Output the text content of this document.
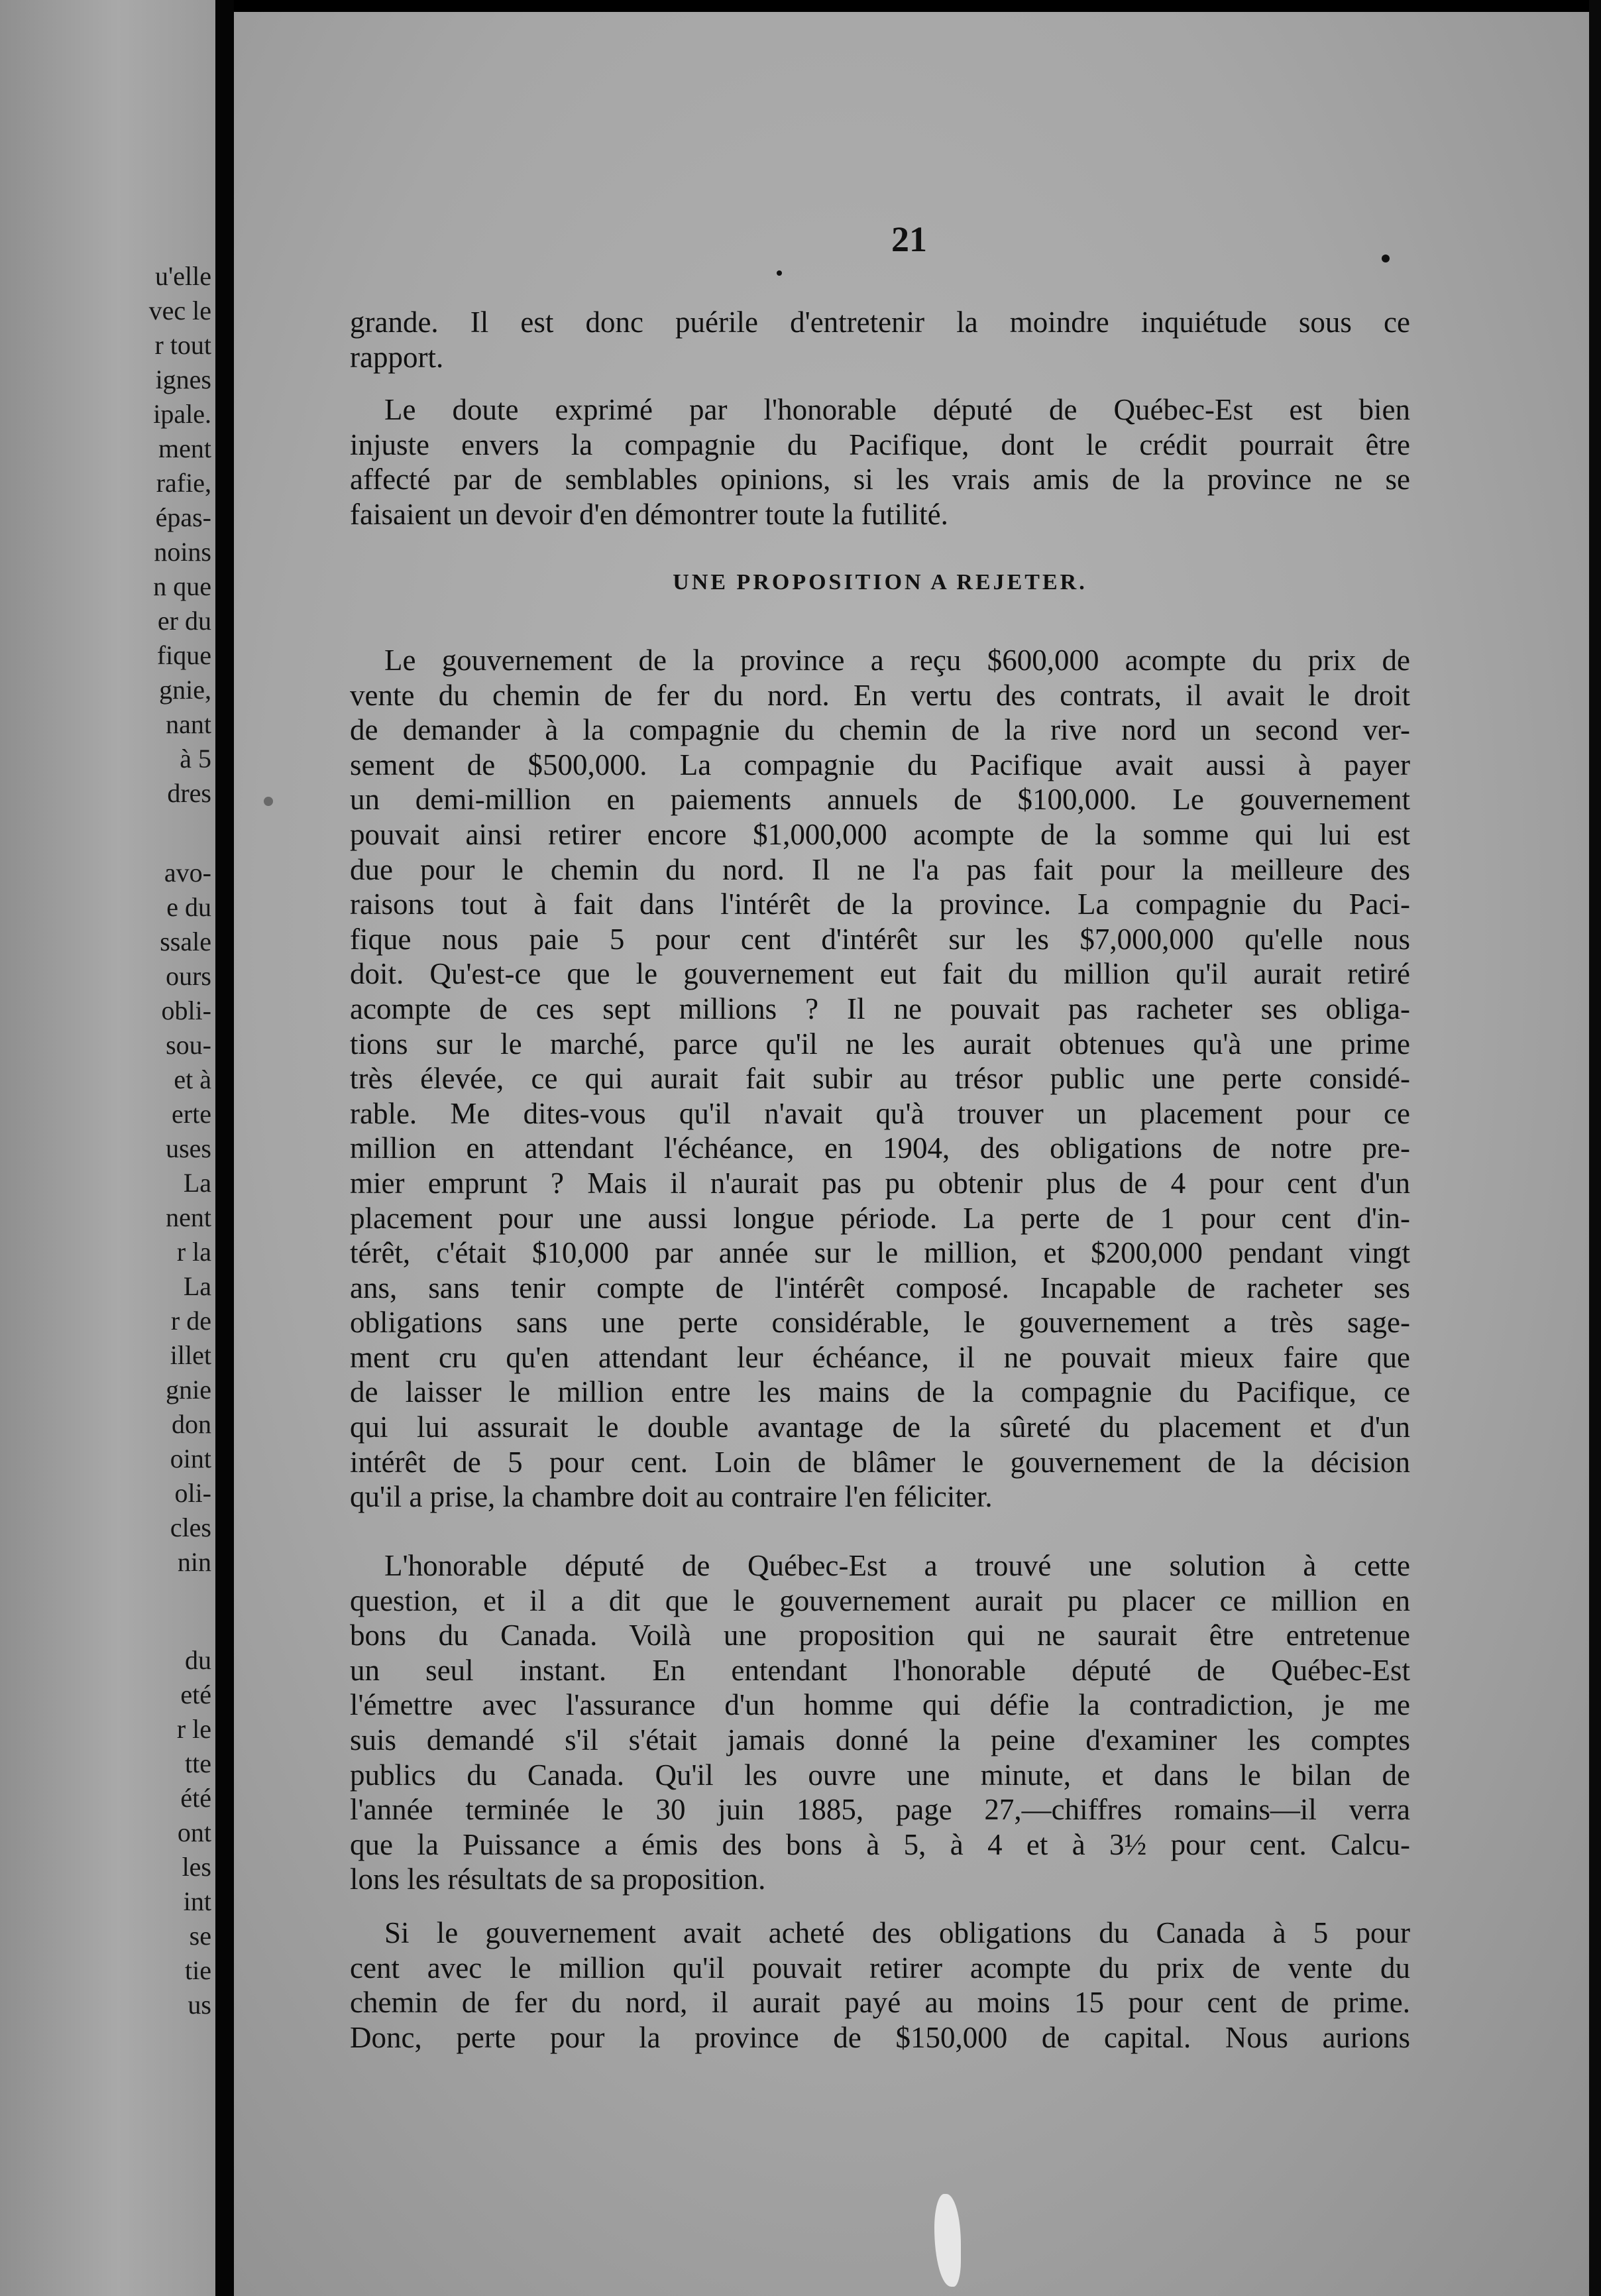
u'elle
vec le
r tout
ignes
ipale.
ment
rafie,
épas-
noins
n que
er du
fique
gnie,
nant
à 5
dres
avo-
e du
ssale
ours
obli-
sou-
et à
erte
uses
La
nent
r la
La
r de
illet
gnie
don
oint
oli-
cles
nin
du
eté
r le
tte
été
ont
les
int
se
tie
us
21
grande. Il est donc puérile d'entretenir la moindre inquiétude sous ce
rapport.
Le doute exprimé par l'honorable député de Québec-Est est bien
injuste envers la compagnie du Pacifique, dont le crédit pourrait être
affecté par de semblables opinions, si les vrais amis de la province ne se
faisaient un devoir d'en démontrer toute la futilité.
UNE PROPOSITION A REJETER.
Le gouvernement de la province a reçu $600,000 acompte du prix de
vente du chemin de fer du nord. En vertu des contrats, il avait le droit
de demander à la compagnie du chemin de la rive nord un second ver-
sement de $500,000. La compagnie du Pacifique avait aussi à payer
un demi-million en paiements annuels de $100,000. Le gouvernement
pouvait ainsi retirer encore $1,000,000 acompte de la somme qui lui est
due pour le chemin du nord. Il ne l'a pas fait pour la meilleure des
raisons tout à fait dans l'intérêt de la province. La compagnie du Paci-
fique nous paie 5 pour cent d'intérêt sur les $7,000,000 qu'elle nous
doit. Qu'est-ce que le gouvernement eut fait du million qu'il aurait retiré
acompte de ces sept millions ? Il ne pouvait pas racheter ses obliga-
tions sur le marché, parce qu'il ne les aurait obtenues qu'à une prime
très élevée, ce qui aurait fait subir au trésor public une perte considé-
rable. Me dites-vous qu'il n'avait qu'à trouver un placement pour ce
million en attendant l'échéance, en 1904, des obligations de notre pre-
mier emprunt ? Mais il n'aurait pas pu obtenir plus de 4 pour cent d'un
placement pour une aussi longue période. La perte de 1 pour cent d'in-
térêt, c'était $10,000 par année sur le million, et $200,000 pendant vingt
ans, sans tenir compte de l'intérêt composé. Incapable de racheter ses
obligations sans une perte considérable, le gouvernement a très sage-
ment cru qu'en attendant leur échéance, il ne pouvait mieux faire que
de laisser le million entre les mains de la compagnie du Pacifique, ce
qui lui assurait le double avantage de la sûreté du placement et d'un
intérêt de 5 pour cent. Loin de blâmer le gouvernement de la décision
qu'il a prise, la chambre doit au contraire l'en féliciter.
L'honorable député de Québec-Est a trouvé une solution à cette
question, et il a dit que le gouvernement aurait pu placer ce million en
bons du Canada. Voilà une proposition qui ne saurait être entretenue
un seul instant. En entendant l'honorable député de Québec-Est
l'émettre avec l'assurance d'un homme qui défie la contradiction, je me
suis demandé s'il s'était jamais donné la peine d'examiner les comptes
publics du Canada. Qu'il les ouvre une minute, et dans le bilan de
l'année terminée le 30 juin 1885, page 27,—chiffres romains—il verra
que la Puissance a émis des bons à 5, à 4 et à 3½ pour cent. Calcu-
lons les résultats de sa proposition.
Si le gouvernement avait acheté des obligations du Canada à 5 pour
cent avec le million qu'il pouvait retirer acompte du prix de vente du
chemin de fer du nord, il aurait payé au moins 15 pour cent de prime.
Donc, perte pour la province de $150,000 de capital. Nous aurions
